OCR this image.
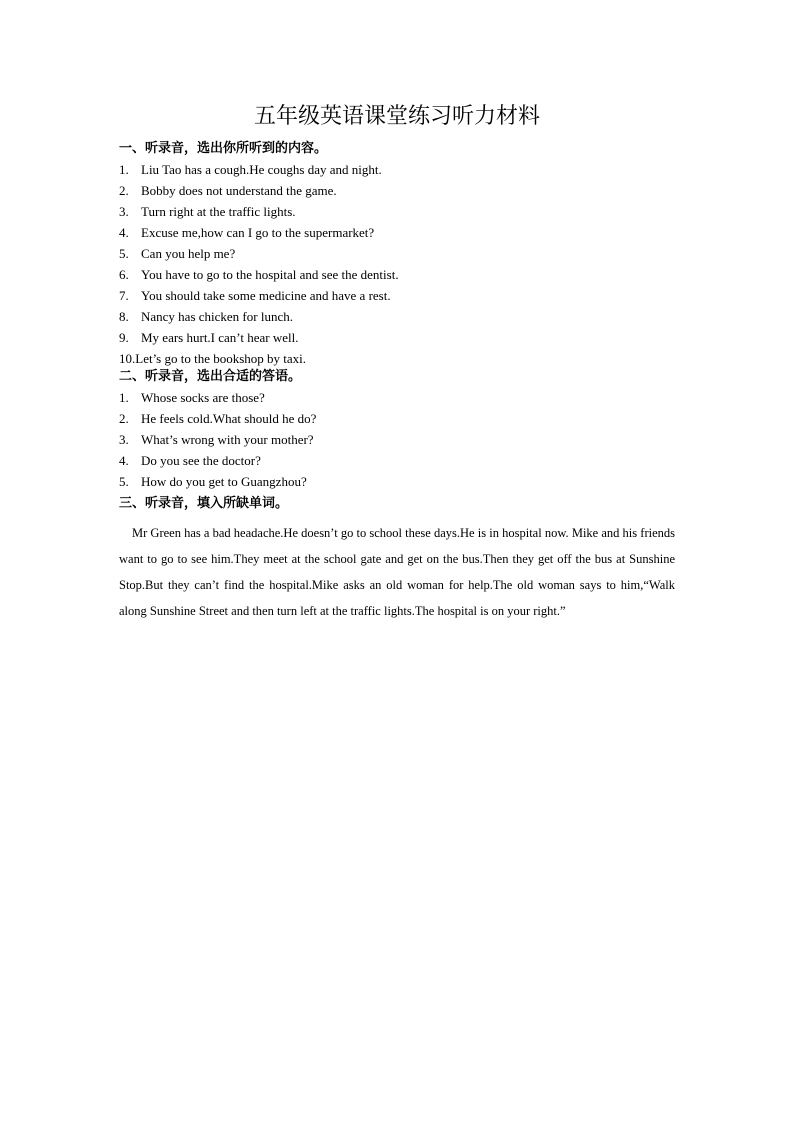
五年级英语课堂练习听力材料
一、听录音，选出你所听到的内容。
1. Liu Tao has a cough.He coughs day and night.
2. Bobby does not understand the game.
3. Turn right at the traffic lights.
4. Excuse me,how can I go to the supermarket?
5. Can you help me?
6. You have to go to the hospital and see the dentist.
7. You should take some medicine and have a rest.
8. Nancy has chicken for lunch.
9. My ears hurt.I can’t hear well.
10. Let’s go to the bookshop by taxi.
二、听录音，选出合适的答语。
1. Whose socks are those?
2. He feels cold.What should he do?
3. What’s wrong with your mother?
4. Do you see the doctor?
5. How do you get to Guangzhou?
三、听录音，填入所缺单词。

Mr Green has a bad headache.He doesn’t go to school these days.He is in hospital now. Mike and his friends want to go to see him.They meet at the school gate and get on the bus.Then they get off the bus at Sunshine Stop.But they can’t find the hospital.Mike asks an old woman for help.The old woman says to him,“Walk along Sunshine Street and then turn left at the traffic lights.The hospital is on your right.”
